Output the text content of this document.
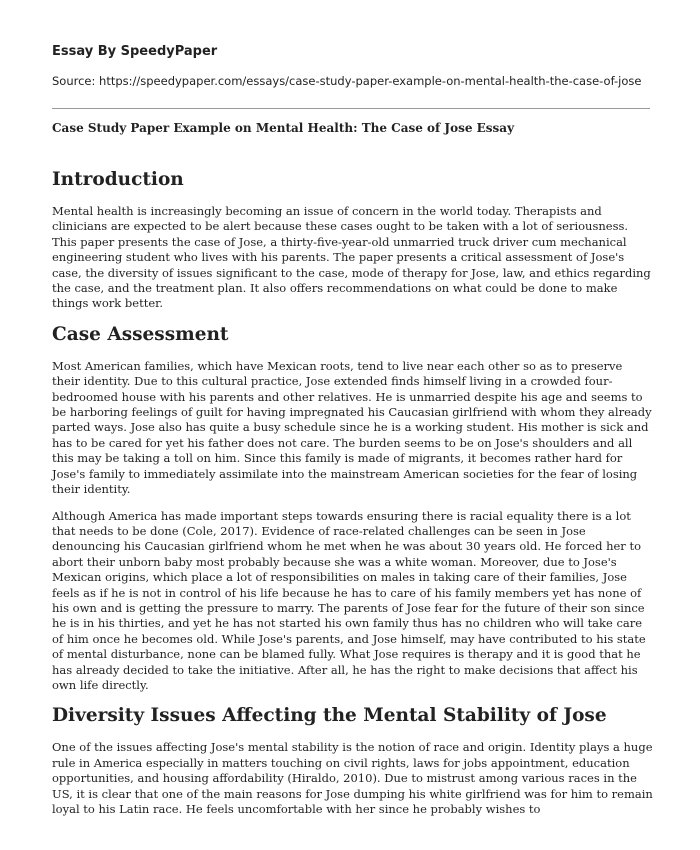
Essay By SpeedyPaper

Source: https://speedypaper.com/essays/case-study-paper-example-on-mental-health-the-case-of-jose

Case Study Paper Example on Mental Health: The Case of Jose Essay

Introduction

Mental health is increasingly becoming an issue of concern in the world today. Therapists and clinicians are expected to be alert because these cases ought to be taken with a lot of seriousness. This paper presents the case of Jose, a thirty-five-year-old unmarried truck driver cum mechanical engineering student who lives with his parents. The paper presents a critical assessment of Jose's case, the diversity of issues significant to the case, mode of therapy for Jose, law, and ethics regarding the case, and the treatment plan. It also offers recommendations on what could be done to make things work better.

Case Assessment

Most American families, which have Mexican roots, tend to live near each other so as to preserve their identity. Due to this cultural practice, Jose extended finds himself living in a crowded four-bedroomed house with his parents and other relatives. He is unmarried despite his age and seems to be harboring feelings of guilt for having impregnated his Caucasian girlfriend with whom they already parted ways. Jose also has quite a busy schedule since he is a working student. His mother is sick and has to be cared for yet his father does not care. The burden seems to be on Jose's shoulders and all this may be taking a toll on him. Since this family is made of migrants, it becomes rather hard for Jose's family to immediately assimilate into the mainstream American societies for the fear of losing their identity.

Although America has made important steps towards ensuring there is racial equality there is a lot that needs to be done (Cole, 2017). Evidence of race-related challenges can be seen in Jose denouncing his Caucasian girlfriend whom he met when he was about 30 years old. He forced her to abort their unborn baby most probably because she was a white woman. Moreover, due to Jose's Mexican origins, which place a lot of responsibilities on males in taking care of their families, Jose feels as if he is not in control of his life because he has to care of his family members yet has none of his own and is getting the pressure to marry. The parents of Jose fear for the future of their son since he is in his thirties, and yet he has not started his own family thus has no children who will take care of him once he becomes old. While Jose's parents, and Jose himself, may have contributed to his state of mental disturbance, none can be blamed fully. What Jose requires is therapy and it is good that he has already decided to take the initiative. After all, he has the right to make decisions that affect his own life directly.

Diversity Issues Affecting the Mental Stability of Jose

One of the issues affecting Jose's mental stability is the notion of race and origin. Identity plays a huge rule in America especially in matters touching on civil rights, laws for jobs appointment, education opportunities, and housing affordability (Hiraldo, 2010). Due to mistrust among various races in the US, it is clear that one of the main reasons for Jose dumping his white girlfriend was for him to remain loyal to his Latin race. He feels uncomfortable with her since he probably wishes to
